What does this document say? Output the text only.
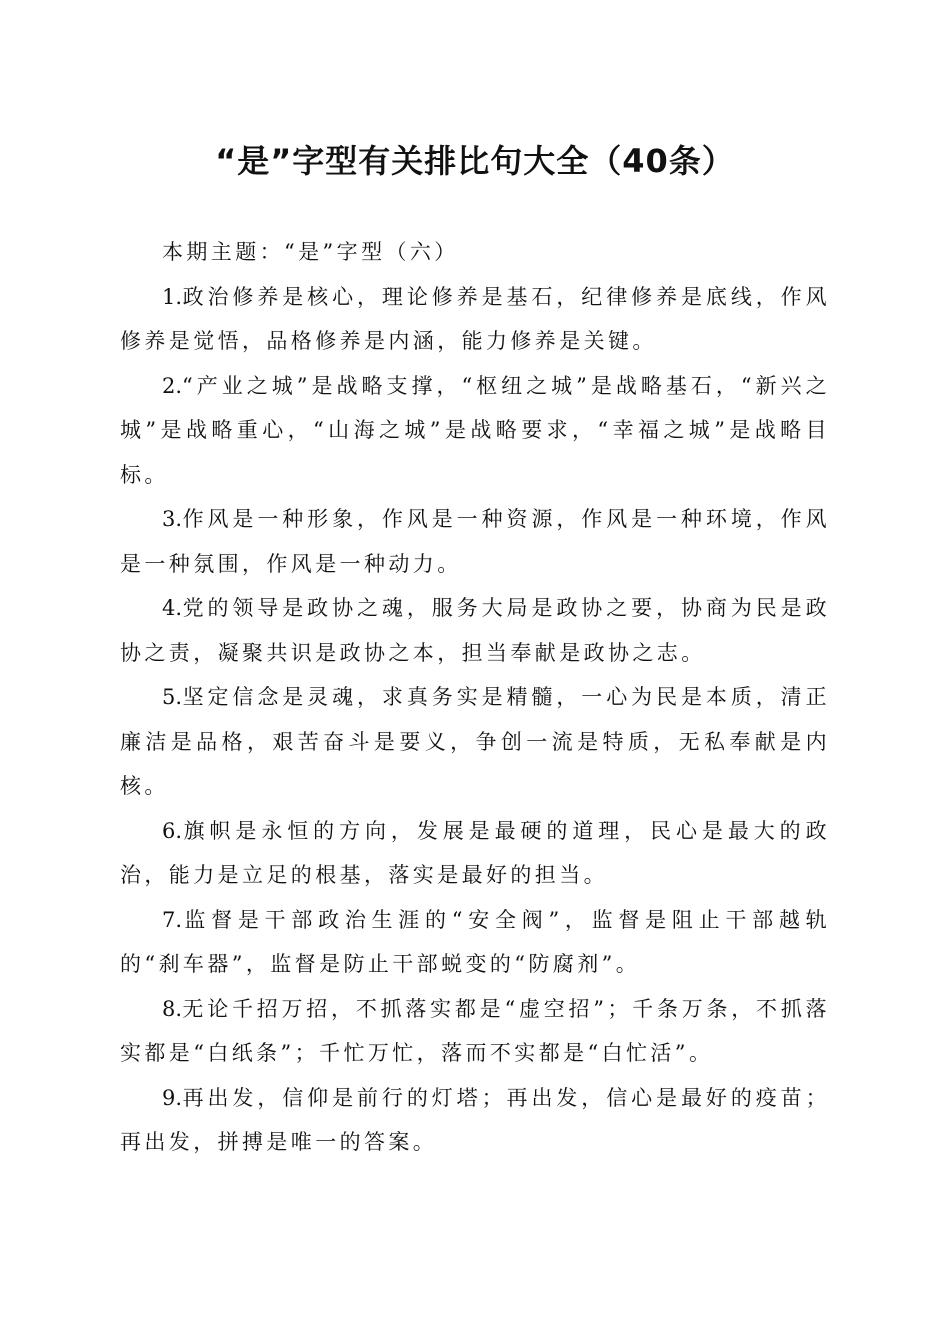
“是”字型有关排比句大全（40条）

本期主题：“是”字型（六）

1.政治修养是核心，理论修养是基石，纪律修养是底线，作风修养是觉悟，品格修养是内涵，能力修养是关键。

2.“产业之城”是战略支撑，“枢纽之城”是战略基石，“新兴之城”是战略重心，“山海之城”是战略要求，“幸福之城”是战略目标。

3.作风是一种形象，作风是一种资源，作风是一种环境，作风是一种氛围，作风是一种动力。

4.党的领导是政协之魂，服务大局是政协之要，协商为民是政协之责，凝聚共识是政协之本，担当奉献是政协之志。

5.坚定信念是灵魂，求真务实是精髓，一心为民是本质，清正廉洁是品格，艰苦奋斗是要义，争创一流是特质，无私奉献是内核。

6.旗帜是永恒的方向，发展是最硬的道理，民心是最大的政治，能力是立足的根基，落实是最好的担当。

7.监督是干部政治生涯的“安全阀”，监督是阻止干部越轨的“刹车器”，监督是防止干部蜕变的“防腐剂”。

8.无论千招万招，不抓落实都是“虚空招”；千条万条，不抓落实都是“白纸条”；千忙万忙，落而不实都是“白忙活”。

9.再出发，信仰是前行的灯塔；再出发，信心是最好的疫苗；再出发，拼搏是唯一的答案。
